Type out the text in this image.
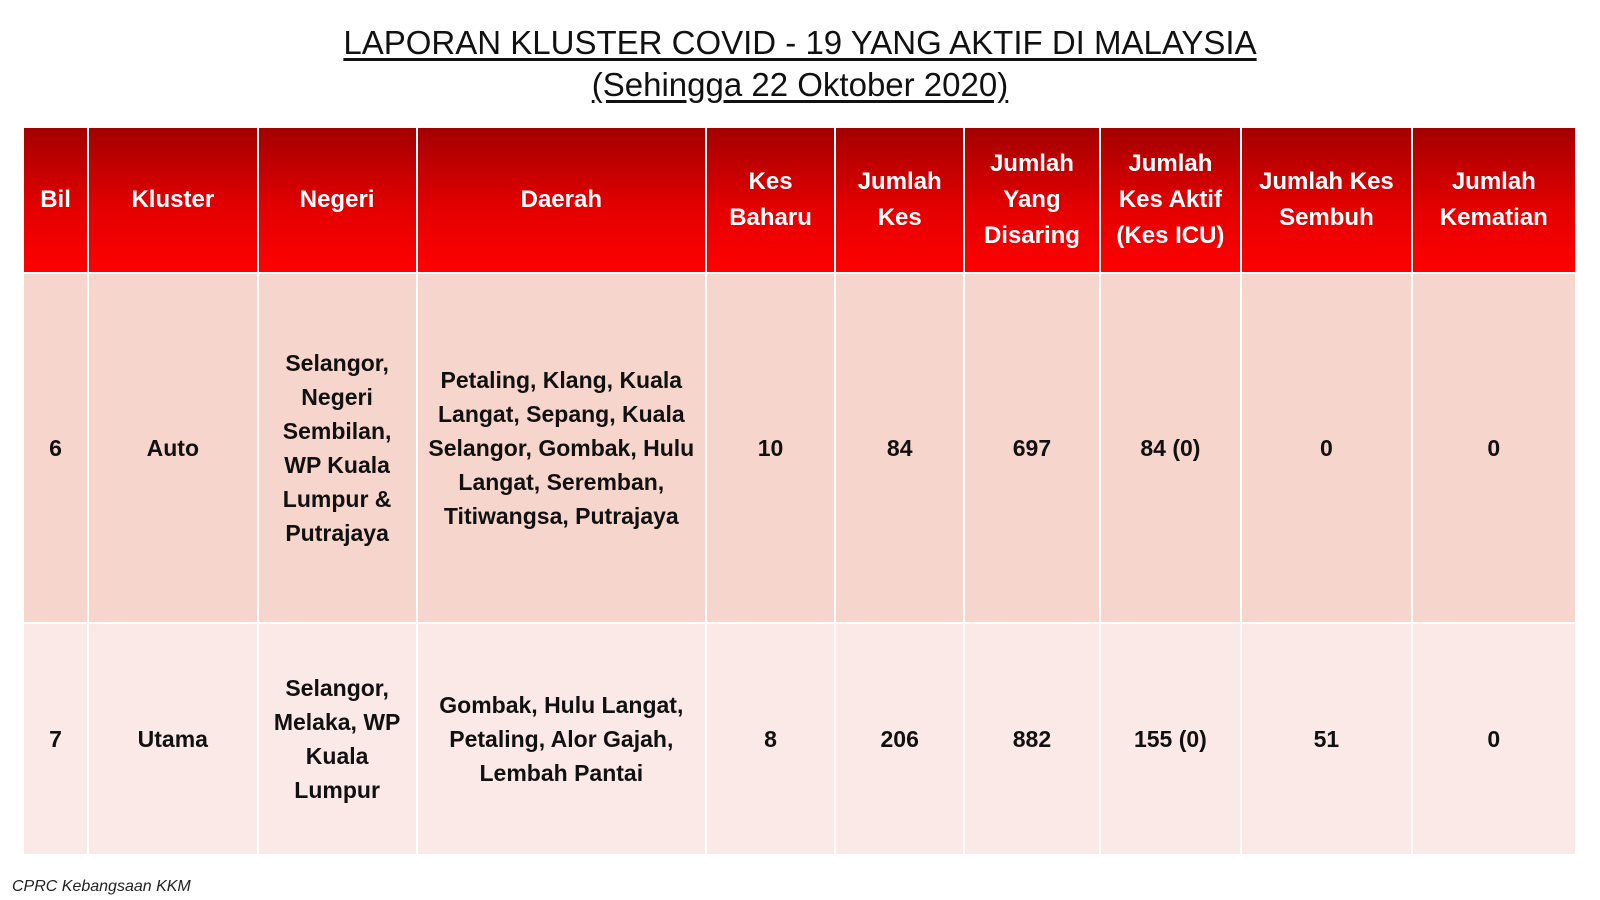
LAPORAN KLUSTER COVID - 19 YANG AKTIF DI MALAYSIA
(Sehingga 22 Oktober 2020)
Bil	Kluster	Negeri	Daerah	Kes Baharu	Jumlah Kes	Jumlah Yang Disaring	Jumlah Kes Aktif (Kes ICU)	Jumlah Kes Sembuh	Jumlah Kematian
6	Auto	Selangor, Negeri Sembilan, WP Kuala Lumpur & Putrajaya	Petaling, Klang, Kuala Langat, Sepang, Kuala Selangor, Gombak, Hulu Langat, Seremban, Titiwangsa, Putrajaya	10	84	697	84 (0)	0	0
7	Utama	Selangor, Melaka, WP Kuala Lumpur	Gombak, Hulu Langat, Petaling, Alor Gajah, Lembah Pantai	8	206	882	155 (0)	51	0
CPRC Kebangsaan KKM
